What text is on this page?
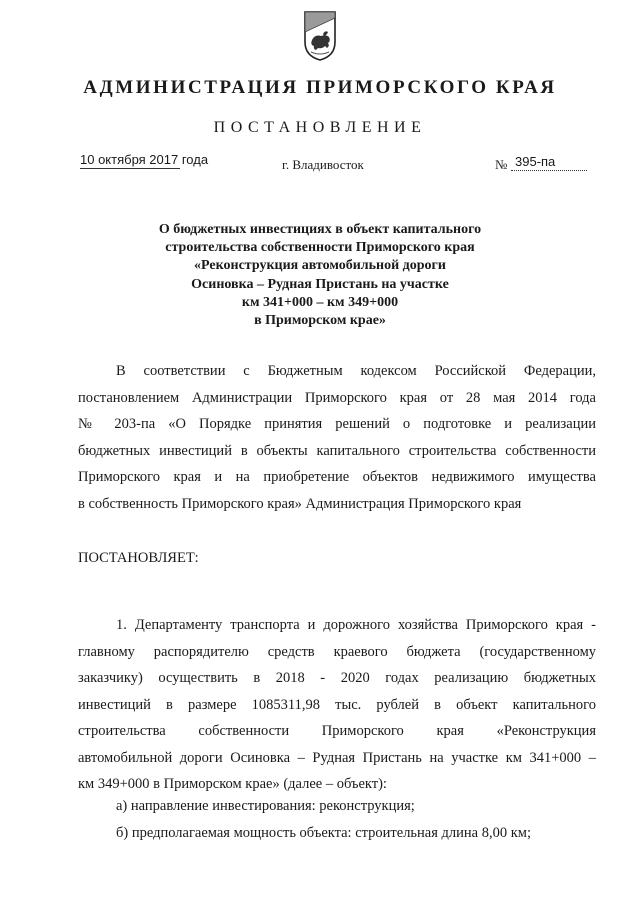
АДМИНИСТРАЦИЯ ПРИМОРСКОГО КРАЯ
ПОСТАНОВЛЕНИЕ
10 октября 2017 года	г. Владивосток	№ 395-па
О бюджетных инвестициях в объект капитального
строительства собственности Приморского края
«Реконструкция автомобильной дороги
Осиновка – Рудная Пристань на участке
км 341+000 – км 349+000
в Приморском крае»
В соответствии с Бюджетным кодексом Российской Федерации,
постановлением Администрации Приморского края от 28 мая 2014 года
№ 203-па «О Порядке принятия решений о подготовке и реализации
бюджетных инвестиций в объекты капитального строительства собственности
Приморского края и на приобретение объектов недвижимого имущества
в собственность Приморского края» Администрация Приморского края
ПОСТАНОВЛЯЕТ:
1. Департаменту транспорта и дорожного хозяйства Приморского края -
главному распорядителю средств краевого бюджета (государственному
заказчику) осуществить в 2018 - 2020 годах реализацию бюджетных
инвестиций в размере 1085311,98 тыс. рублей в объект капитального
строительства собственности Приморского края «Реконструкция
автомобильной дороги Осиновка – Рудная Пристань на участке км 341+000 –
км 349+000 в Приморском крае» (далее – объект):
а) направление инвестирования: реконструкция;
б) предполагаемая мощность объекта: строительная длина 8,00 км;
